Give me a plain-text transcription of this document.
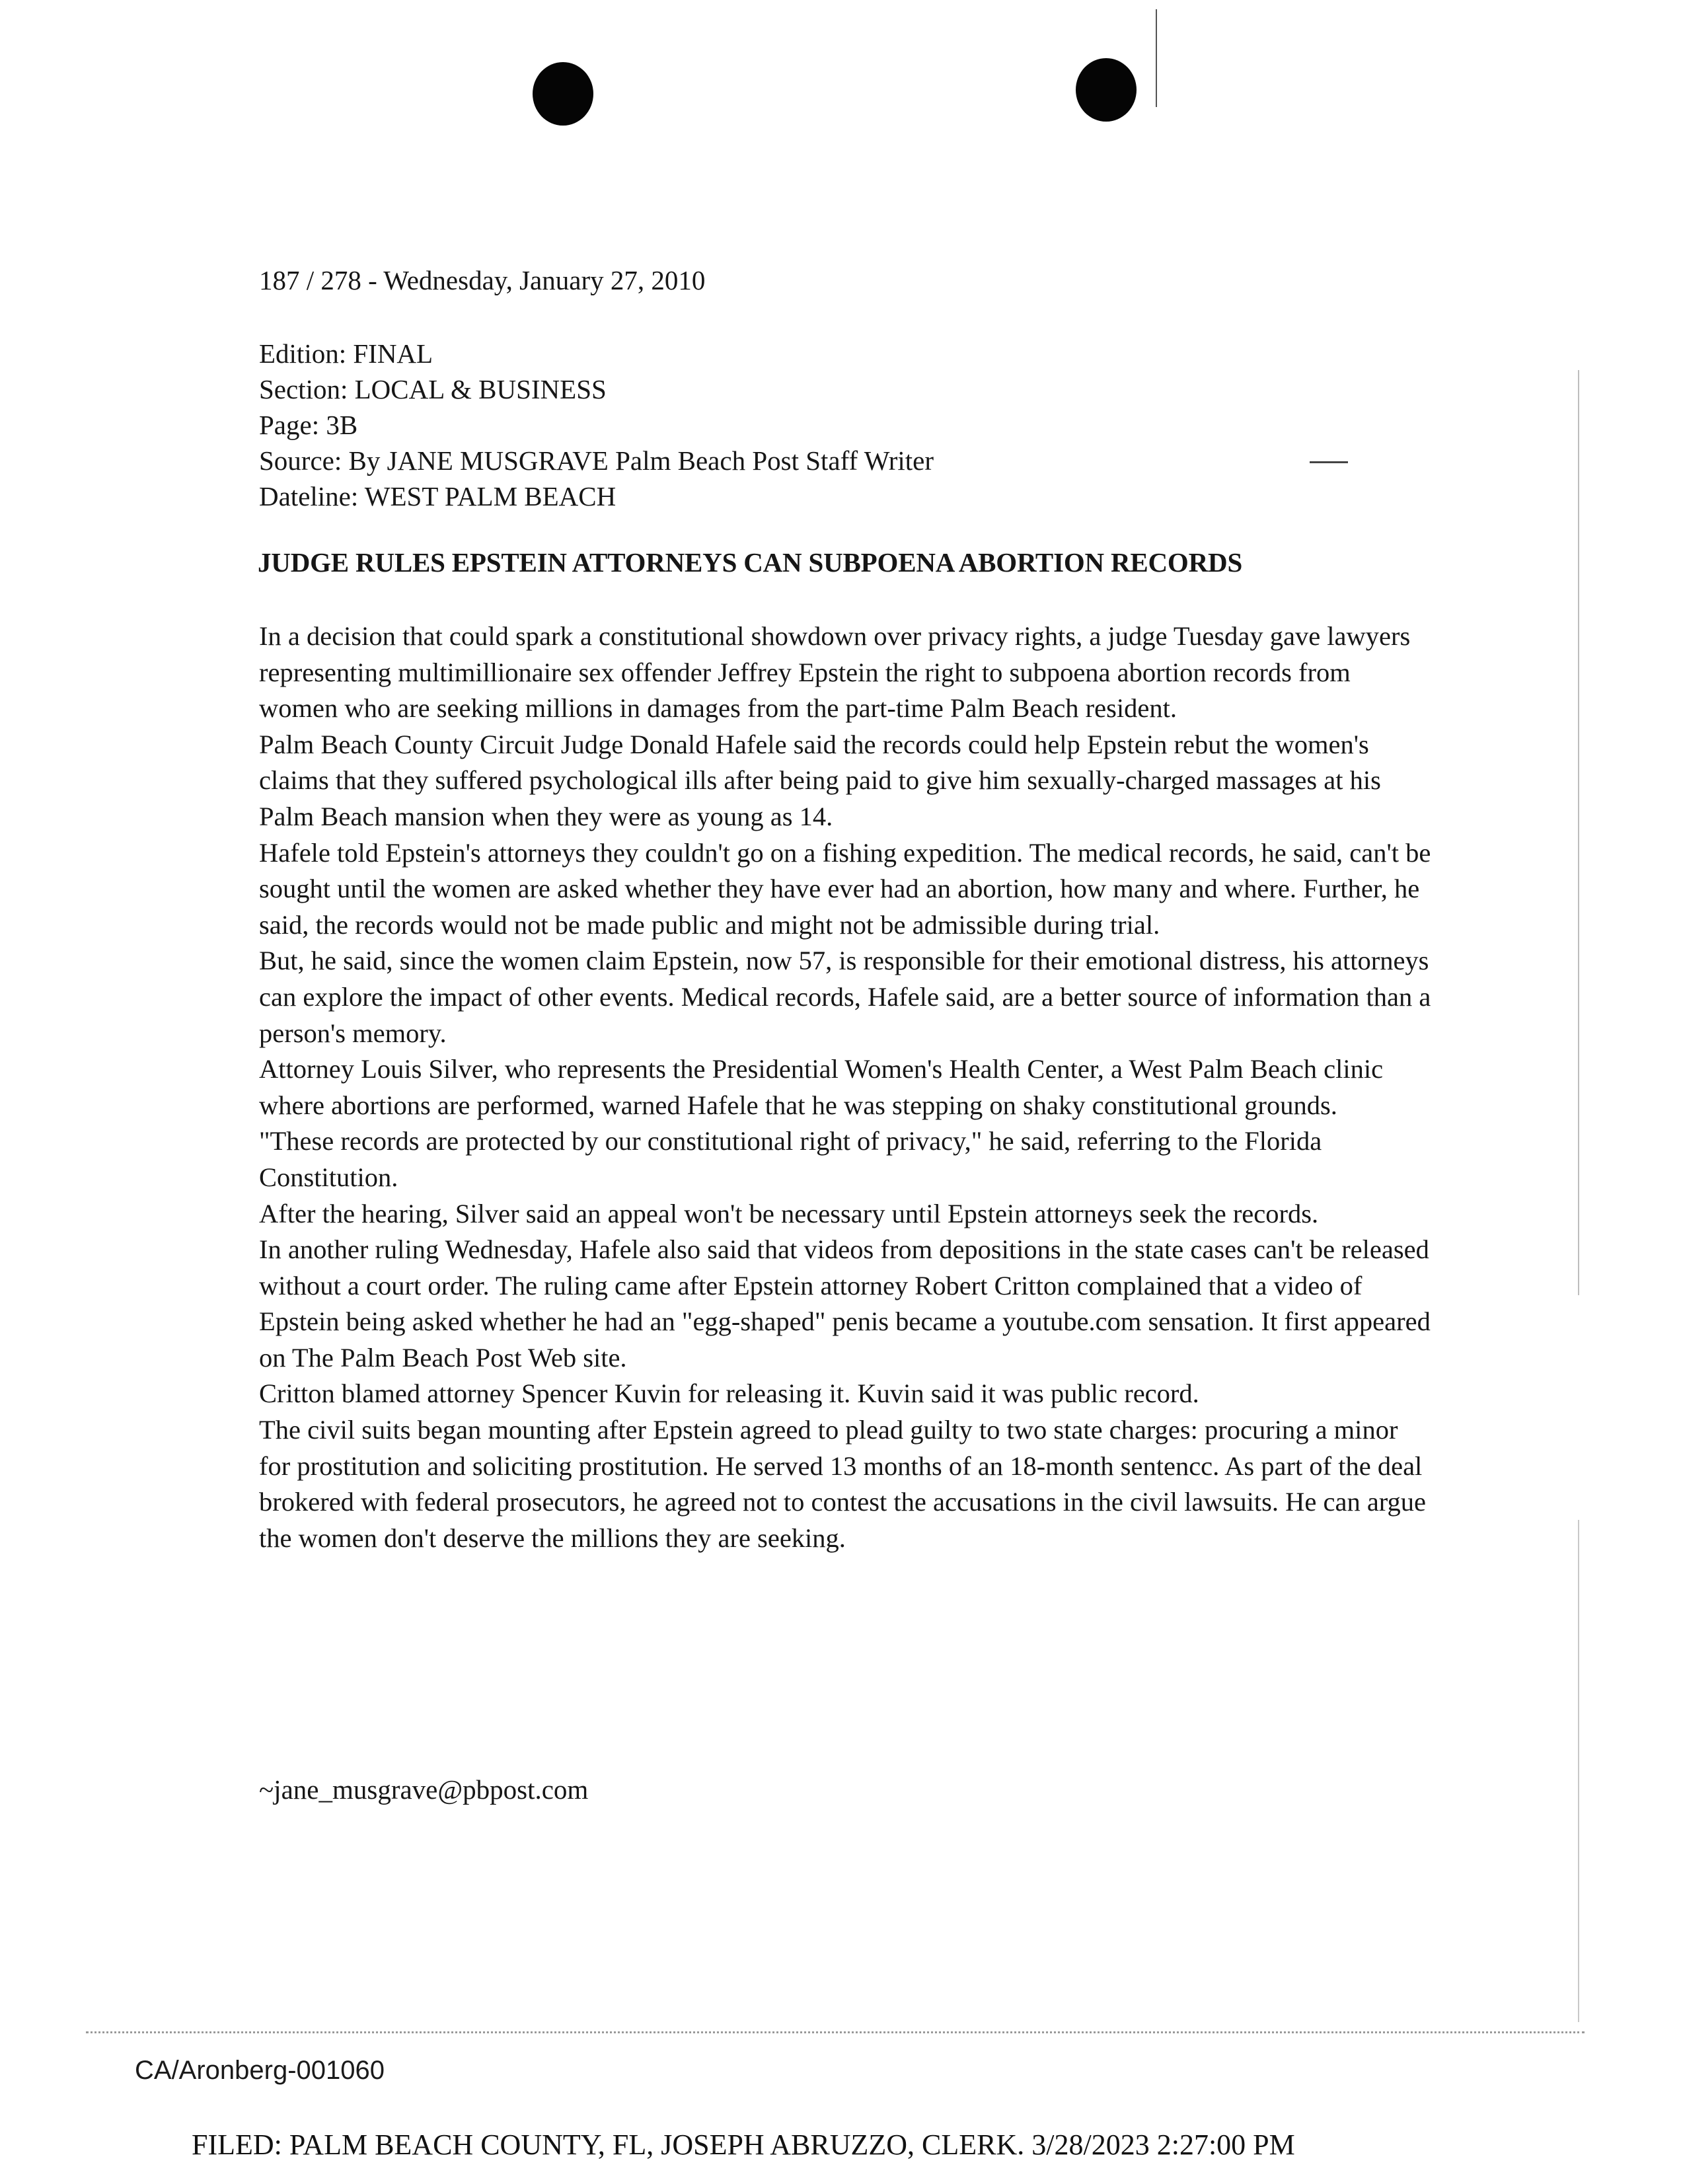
187 / 278 - Wednesday, January 27, 2010
Edition: FINAL
Section: LOCAL & BUSINESS
Page: 3B
Source: By JANE MUSGRAVE Palm Beach Post Staff Writer
Dateline: WEST PALM BEACH
JUDGE RULES EPSTEIN ATTORNEYS CAN SUBPOENA ABORTION RECORDS

In a decision that could spark a constitutional showdown over privacy rights, a judge Tuesday gave lawyers representing multimillionaire sex offender Jeffrey Epstein the right to subpoena abortion records from women who are seeking millions in damages from the part-time Palm Beach resident.

Palm Beach County Circuit Judge Donald Hafele said the records could help Epstein rebut the women's claims that they suffered psychological ills after being paid to give him sexually-charged massages at his Palm Beach mansion when they were as young as 14.

Hafele told Epstein's attorneys they couldn't go on a fishing expedition. The medical records, he said, can't be sought until the women are asked whether they have ever had an abortion, how many and where. Further, he said, the records would not be made public and might not be admissible during trial.

But, he said, since the women claim Epstein, now 57, is responsible for their emotional distress, his attorneys can explore the impact of other events. Medical records, Hafele said, are a better source of information than a person's memory.

Attorney Louis Silver, who represents the Presidential Women's Health Center, a West Palm Beach clinic where abortions are performed, warned Hafele that he was stepping on shaky constitutional grounds.

"These records are protected by our constitutional right of privacy," he said, referring to the Florida Constitution.

After the hearing, Silver said an appeal won't be necessary until Epstein attorneys seek the records.

In another ruling Wednesday, Hafele also said that videos from depositions in the state cases can't be released without a court order. The ruling came after Epstein attorney Robert Critton complained that a video of Epstein being asked whether he had an "egg-shaped" penis became a youtube.com sensation. It first appeared on The Palm Beach Post Web site.

Critton blamed attorney Spencer Kuvin for releasing it. Kuvin said it was public record.

The civil suits began mounting after Epstein agreed to plead guilty to two state charges: procuring a minor for prostitution and soliciting prostitution. He served 13 months of an 18-month sentencc. As part of the deal brokered with federal prosecutors, he agreed not to contest the accusations in the civil lawsuits. He can argue the women don't deserve the millions they are seeking.

~jane_musgrave@pbpost.com
CA/Aronberg-001060
FILED: PALM BEACH COUNTY, FL, JOSEPH ABRUZZO, CLERK. 3/28/2023 2:27:00 PM
